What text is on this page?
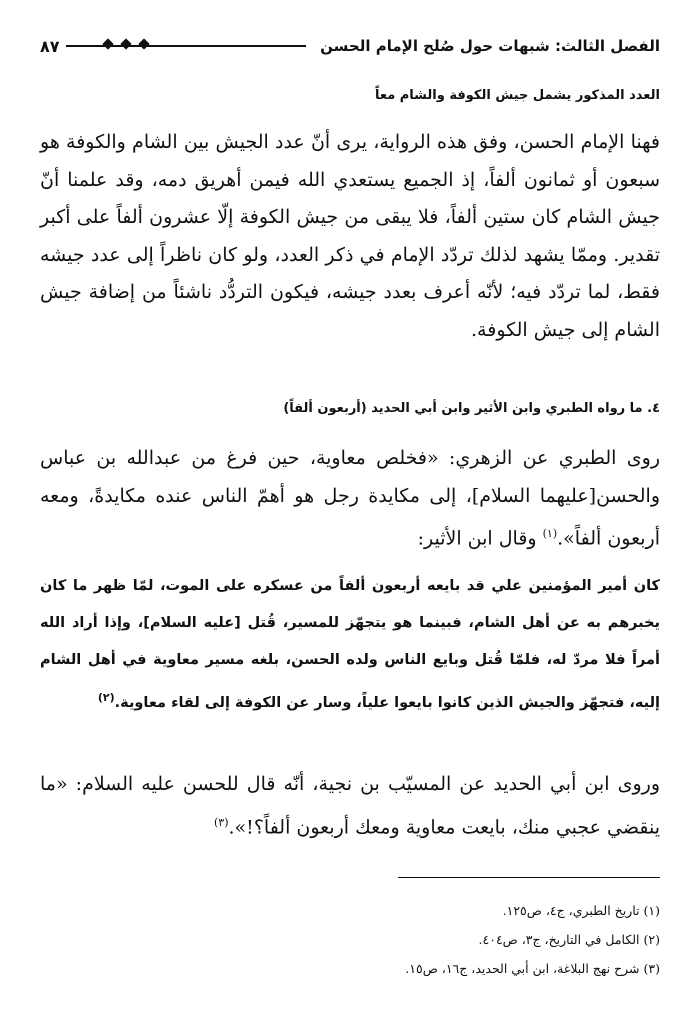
الفصل الثالث: شبهات حول صُلح الإمام الحسن
٨٧
العدد المذكور يشمل جيش الكوفة والشام معاً

فهنا الإمام الحسن، وفق هذه الرواية، يرى أنّ عدد الجيش بين الشام والكوفة هو سبعون أو ثمانون ألفاً، إذ الجميع يستعدي الله فيمن أهريق دمه، وقد علمنا أنّ جيش الشام كان ستين ألفاً، فلا يبقى من جيش الكوفة إلّا عشرون ألفاً على أكبر تقدير. وممّا يشهد لذلك تردّد الإمام في ذكر العدد، ولو كان ناظراً إلى عدد جيشه فقط، لما تردّد فيه؛ لأنّه أعرف بعدد جيشه، فيكون التردُّد ناشئاً من إضافة جيش الشام إلى جيش الكوفة.

٤. ما رواه الطبري وابن الأثير وابن أبي الحديد (أربعون ألفاً)

روى الطبري عن الزهري: «فخلص معاوية، حين فرغ من عبدالله بن عباس والحسن[عليهما السلام]، إلى مكايدة رجل هو أهمّ الناس عنده مكايدةً، ومعه أربعون ألفاً».$^{(١)}$ وقال ابن الأثير:

كان أمير المؤمنين علي قد بايعه أربعون ألفاً من عسكره على الموت، لمّا ظهر ما كان يخبرهم به عن أهل الشام، فبينما هو يتجهّز للمسير، قُتل [عليه السلام]، وإذا أراد الله أمراً فلا مردّ له، فلمّا قُتل وبايع الناس ولده الحسن، بلغه مسير معاوية في أهل الشام إليه، فتجهّز والجيش الذين كانوا بايعوا علياً، وسار عن الكوفة إلى لقاء معاوية.$^{(٢)}$

وروى ابن أبي الحديد عن المسيّب بن نجية، أنّه قال للحسن عليه السلام: «ما ينقضي عجبي منك، بايعت معاوية ومعك أربعون ألفاً؟!».$^{(٣)}$

(١) تاريخ الطبري، ج٤، ص١٢٥.
(٢) الكامل في التاريخ، ج٣، ص٤٠٤.
(٣) شرح نهج البلاغة، ابن أبي الحديد، ج١٦، ص١٥.
